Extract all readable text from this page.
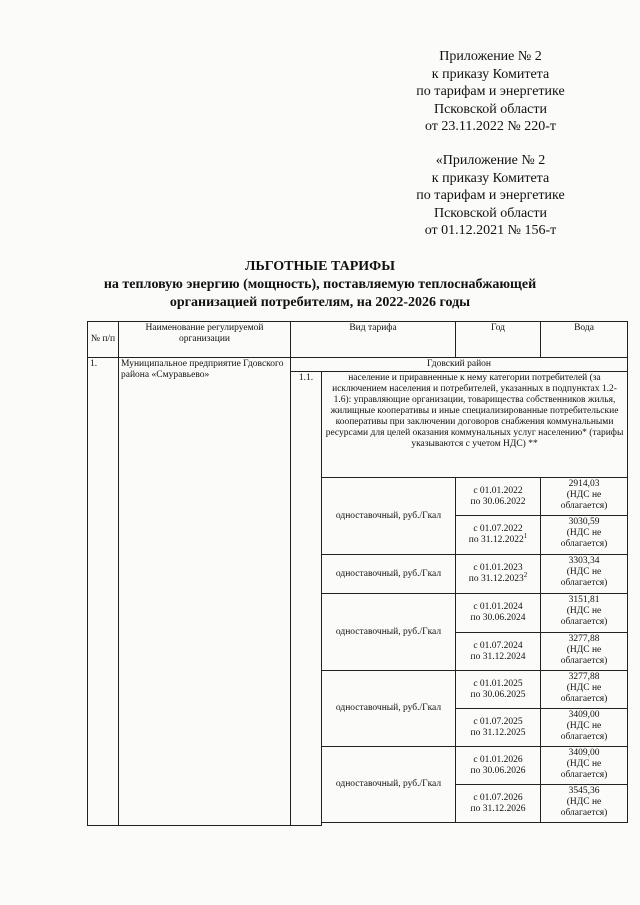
Приложение № 2
к приказу Комитета
по тарифам и энергетике
Псковской области
от 23.11.2022 № 220-т
«Приложение № 2
к приказу Комитета
по тарифам и энергетике
Псковской области
от 01.12.2021 № 156-т
ЛЬГОТНЫЕ ТАРИФЫ
на тепловую энергию (мощность), поставляемую теплоснабжающей
организацией потребителям, на 2022-2026 годы
№ п/п	Наименование регулируемой организации	Вид тарифа		Год	Вода
1.	Муниципальное предприятие Гдовского района «Смуравьево»	Гдовский район			
		1.1.	население и приравненные к нему категории потребителей (за исключением населения и потребителей, указанных в подпунктах 1.2-1.6): управляющие организации, товарищества собственников жилья, жилищные кооперативы и иные специализированные потребительские кооперативы при заключении договоров снабжения коммунальными ресурсами для целей оказания коммунальных услуг населению* (тарифы указываются с учетом НДС) **		
			одноставочный, руб./Гкал	с 01.01.2022
по 30.06.2022	2914,03
(НДС не облагается)
				с 01.07.2022
по 31.12.2022$^1$	3030,59
(НДС не облагается)
			одноставочный, руб./Гкал	с 01.01.2023
по 31.12.2023$^2$	3303,34
(НДС не облагается)
			одноставочный, руб./Гкал	с 01.01.2024
по 30.06.2024	3151,81
(НДС не облагается)
				с 01.07.2024
по 31.12.2024	3277,88
(НДС не облагается)
			одноставочный, руб./Гкал	с 01.01.2025
по 30.06.2025	3277,88
(НДС не облагается)
				с 01.07.2025
по 31.12.2025	3409,00
(НДС не облагается)
			одноставочный, руб./Гкал	с 01.01.2026
по 30.06.2026	3409,00
(НДС не облагается)
				с 01.07.2026
по 31.12.2026	3545,36
(НДС не облагается)
